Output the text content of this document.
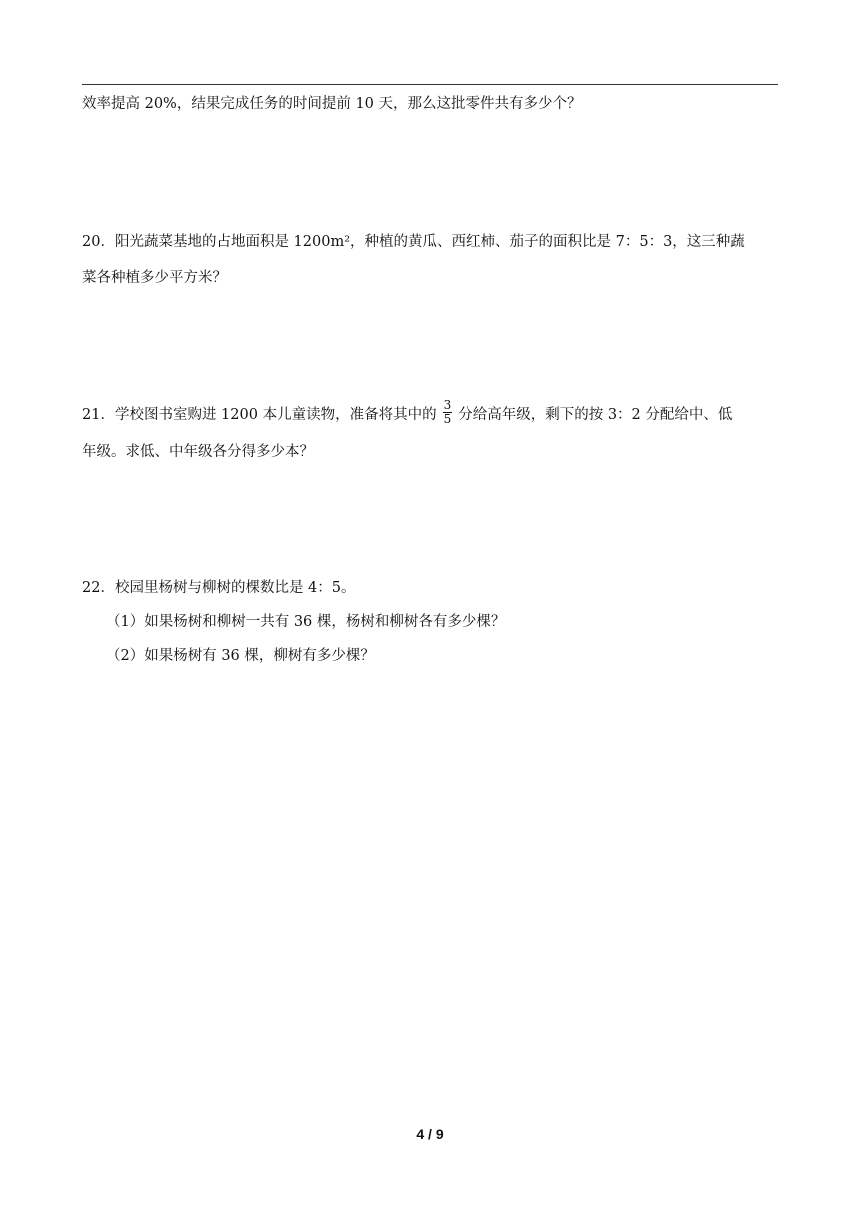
效率提高 20%，结果完成任务的时间提前 10 天，那么这批零件共有多少个？
20．阳光蔬菜基地的占地面积是 1200m²，种植的黄瓜、西红柿、茄子的面积比是 7：5：3，这三种蔬
菜各种植多少平方米？
21．学校图书室购进 1200 本儿童读物，准备将其中的 $\frac{3}{5}$ 分给高年级，剩下的按 3：2 分配给中、低
年级。求低、中年级各分得多少本？
22．校园里杨树与柳树的棵数比是 4：5。
（1）如果杨树和柳树一共有 36 棵，杨树和柳树各有多少棵？
（2）如果杨树有 36 棵，柳树有多少棵？
4 / 9
